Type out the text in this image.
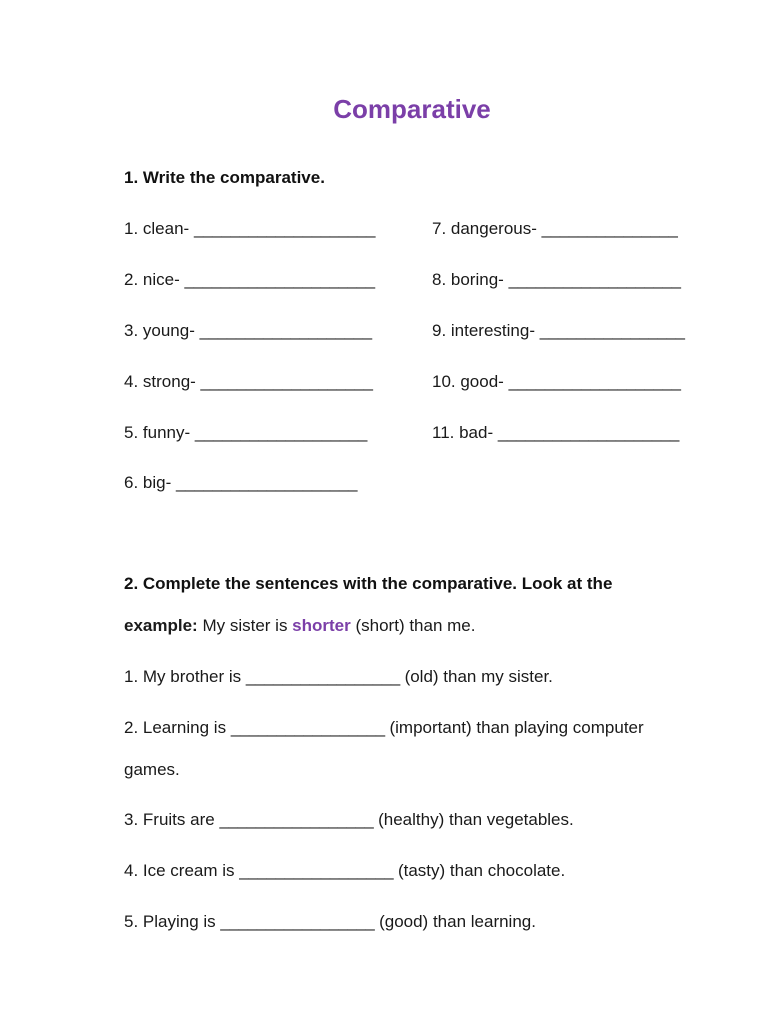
Comparative
1. Write the comparative.
1. clean- ____________________
2. nice- _____________________
3. young- ___________________
4. strong- ___________________
5. funny- ___________________
6. big- ____________________
7. dangerous- _______________
8. boring- ___________________
9. interesting- ________________
10. good- ___________________
11. bad- ____________________
2. Complete the sentences with the comparative. Look at the
example: My sister is shorter (short) than me.
1. My brother is _________________ (old) than my sister.
2. Learning is _________________ (important) than playing computer
games.
3. Fruits are _________________ (healthy) than vegetables.
4. Ice cream is _________________ (tasty) than chocolate.
5. Playing is _________________ (good) than learning.
